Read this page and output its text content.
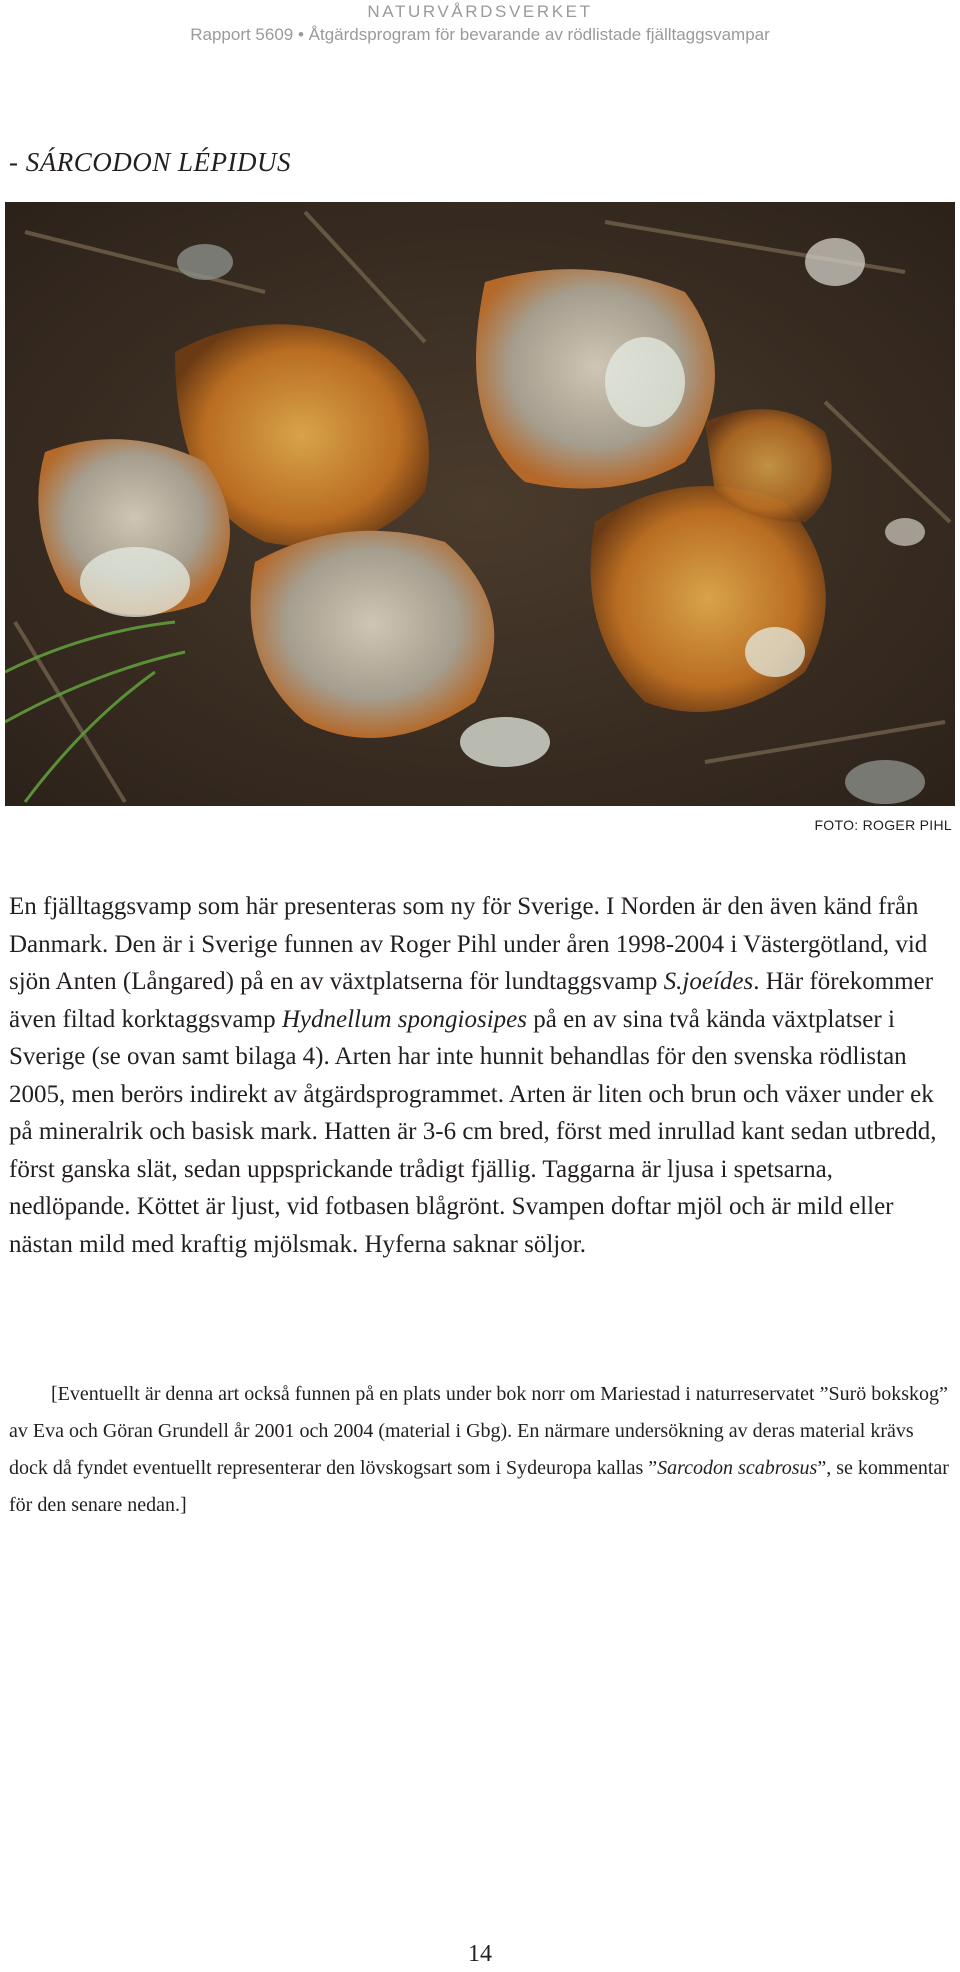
NATURVÅRDSVERKET
Rapport 5609 • Åtgärdsprogram för bevarande av rödlistade fjälltaggsvampar
- SÁRCODON LÉPIDUS
FOTO: ROGER PIHL

En fjälltaggsvamp som här presenteras som ny för Sverige. I Norden är den även känd från Danmark. Den är i Sverige funnen av Roger Pihl under åren 1998-2004 i Västergötland, vid sjön Anten (Långared) på en av växtplatserna för lundtaggsvamp S.joeídes. Här förekommer även filtad korktaggsvamp Hydnellum spongiosipes på en av sina två kända växtplatser i Sverige (se ovan samt bilaga 4). Arten har inte hunnit behandlas för den svenska rödlistan 2005, men berörs indirekt av åtgärdsprogrammet. Arten är liten och brun och växer under ek på mineralrik och basisk mark. Hatten är 3-6 cm bred, först med inrullad kant sedan utbredd, först ganska slät, sedan uppsprickande trådigt fjällig. Taggarna är ljusa i spetsarna, nedlöpande. Köttet är ljust, vid fotbasen blågrönt. Svampen doftar mjöl och är mild eller nästan mild med kraftig mjölsmak. Hyferna saknar söljor.

[Eventuellt är denna art också funnen på en plats under bok norr om Mariestad i naturreservatet ”Surö bokskog” av Eva och Göran Grundell år 2001 och 2004 (material i Gbg). En närmare undersökning av deras material krävs dock då fyndet eventuellt representerar den lövskogsart som i Sydeuropa kallas ”Sarcodon scabrosus”, se kommentar för den senare nedan.]

14
